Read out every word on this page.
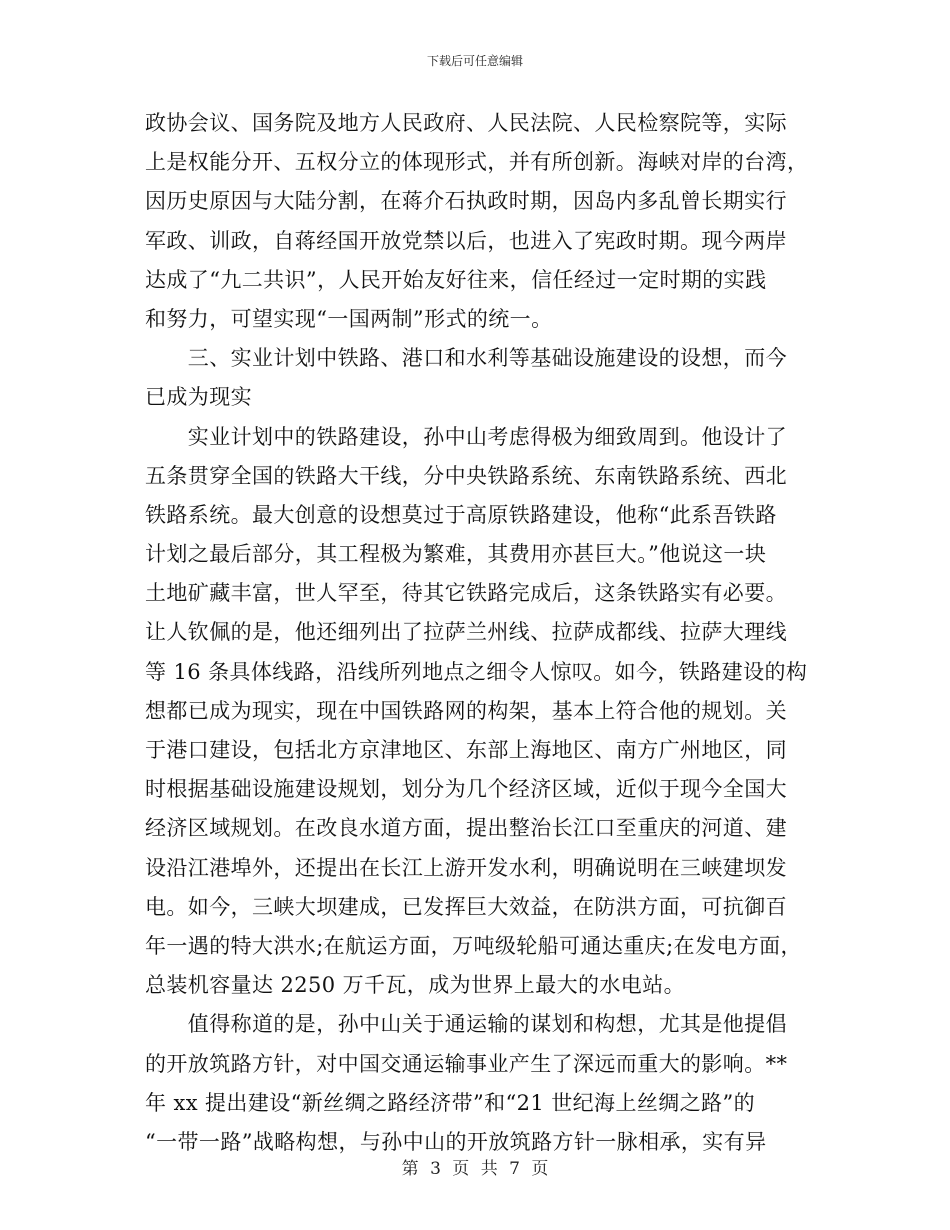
下载后可任意编辑
政协会议、国务院及地方人民政府、人民法院、人民检察院等，实际
上是权能分开、五权分立的体现形式，并有所创新。海峡对岸的台湾，
因历史原因与大陆分割，在蒋介石执政时期，因岛内多乱曾长期实行
军政、训政，自蒋经国开放党禁以后，也进入了宪政时期。现今两岸
达成了“九二共识”，人民开始友好往来，信任经过一定时期的实践
和努力，可望实现“一国两制”形式的统一。
　　三、实业计划中铁路、港口和水利等基础设施建设的设想，而今
已成为现实
　　实业计划中的铁路建设，孙中山考虑得极为细致周到。他设计了
五条贯穿全国的铁路大干线，分中央铁路系统、东南铁路系统、西北
铁路系统。最大创意的设想莫过于高原铁路建设，他称“此系吾铁路
计划之最后部分，其工程极为繁难，其费用亦甚巨大。”他说这一块
土地矿藏丰富，世人罕至，待其它铁路完成后，这条铁路实有必要。
让人钦佩的是，他还细列出了拉萨兰州线、拉萨成都线、拉萨大理线
等 16 条具体线路，沿线所列地点之细令人惊叹。如今，铁路建设的构
想都已成为现实，现在中国铁路网的构架，基本上符合他的规划。关
于港口建设，包括北方京津地区、东部上海地区、南方广州地区，同
时根据基础设施建设规划，划分为几个经济区域，近似于现今全国大
经济区域规划。在改良水道方面，提出整治长江口至重庆的河道、建
设沿江港埠外，还提出在长江上游开发水利，明确说明在三峡建坝发
电。如今，三峡大坝建成，已发挥巨大效益，在防洪方面，可抗御百
年一遇的特大洪水;在航运方面，万吨级轮船可通达重庆;在发电方面，
总装机容量达 2250 万千瓦，成为世界上最大的水电站。
　　值得称道的是，孙中山关于通运输的谋划和构想，尤其是他提倡
的开放筑路方针，对中国交通运输事业产生了深远而重大的影响。**
年 xx 提出建设“新丝绸之路经济带”和“21 世纪海上丝绸之路”的
“一带一路”战略构想，与孙中山的开放筑路方针一脉相承，实有异
第 3 页 共 7 页
